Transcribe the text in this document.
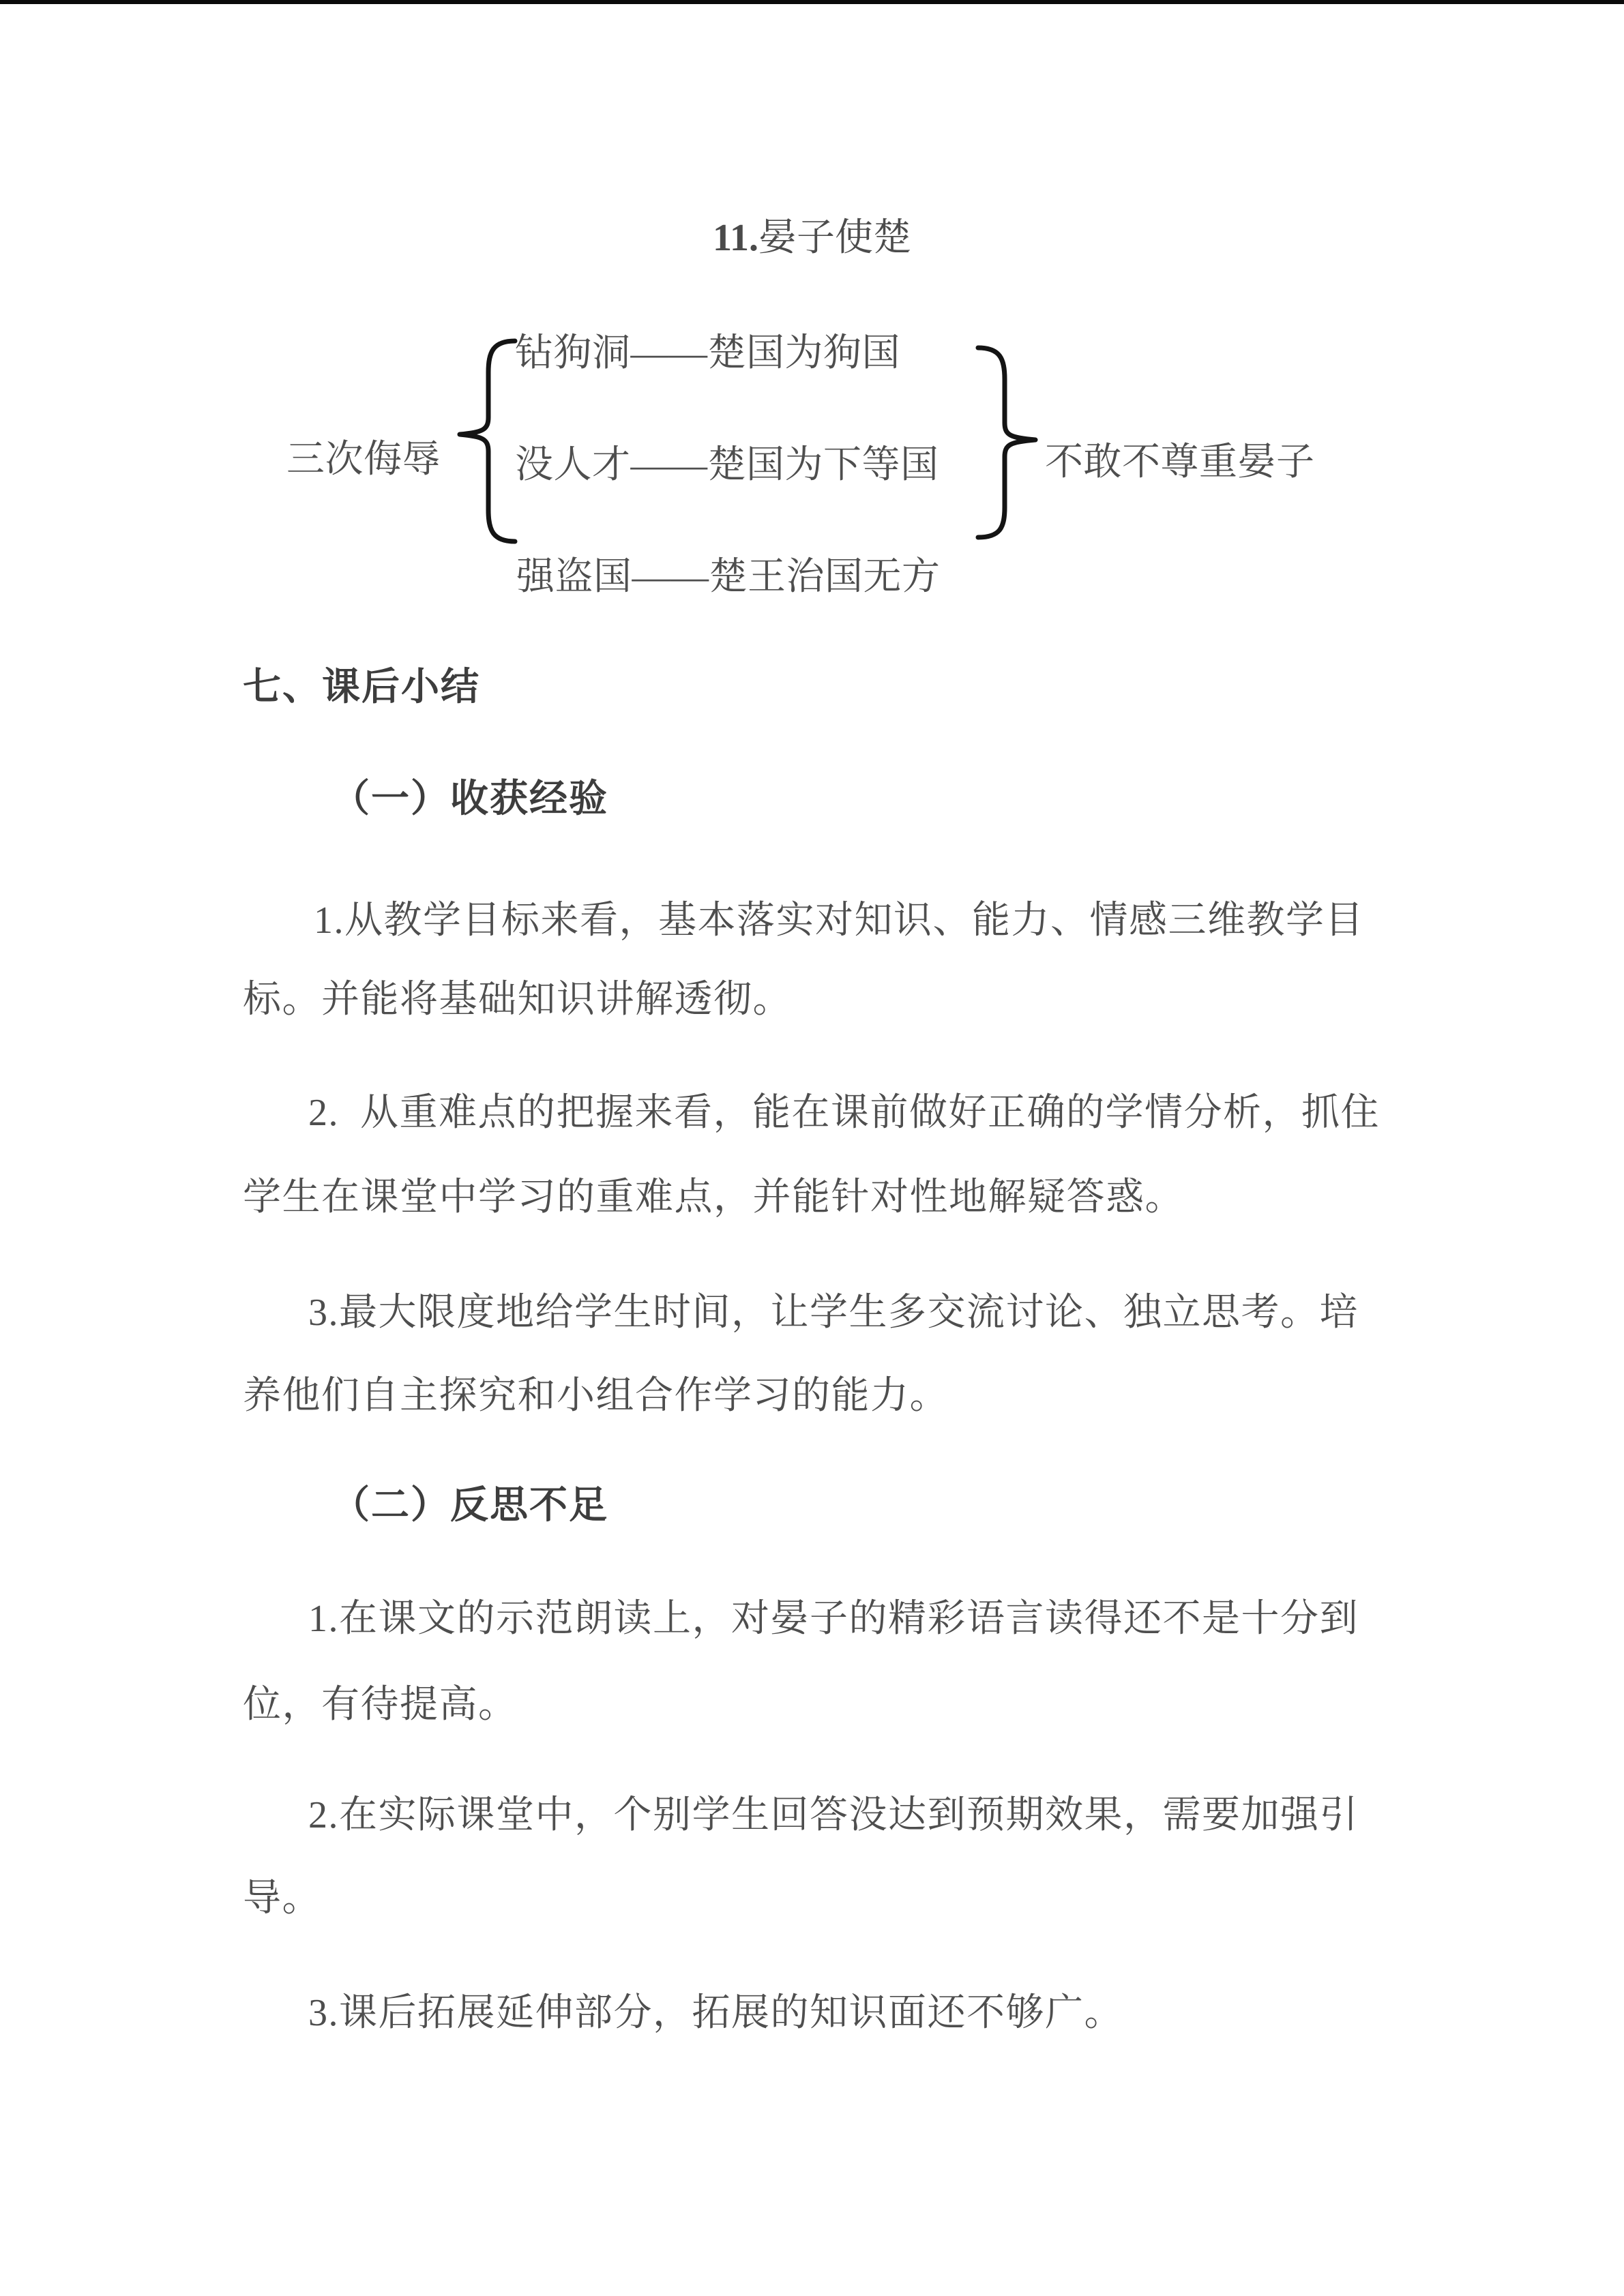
11.晏子使楚
三次侮辱
钻狗洞——楚国为狗国
没人才——楚国为下等国
强盗国——楚王治国无方
不敢不尊重晏子
七、课后小结
（一）收获经验
1.从教学目标来看，基本落实对知识、能力、情感三维教学目
标。并能将基础知识讲解透彻。
2.  从重难点的把握来看，能在课前做好正确的学情分析，抓住
学生在课堂中学习的重难点，并能针对性地解疑答惑。
3.最大限度地给学生时间，让学生多交流讨论、独立思考。培
养他们自主探究和小组合作学习的能力。
（二）反思不足
1.在课文的示范朗读上，对晏子的精彩语言读得还不是十分到
位，有待提高。
2.在实际课堂中，个别学生回答没达到预期效果，需要加强引
导。
3.课后拓展延伸部分，拓展的知识面还不够广。
